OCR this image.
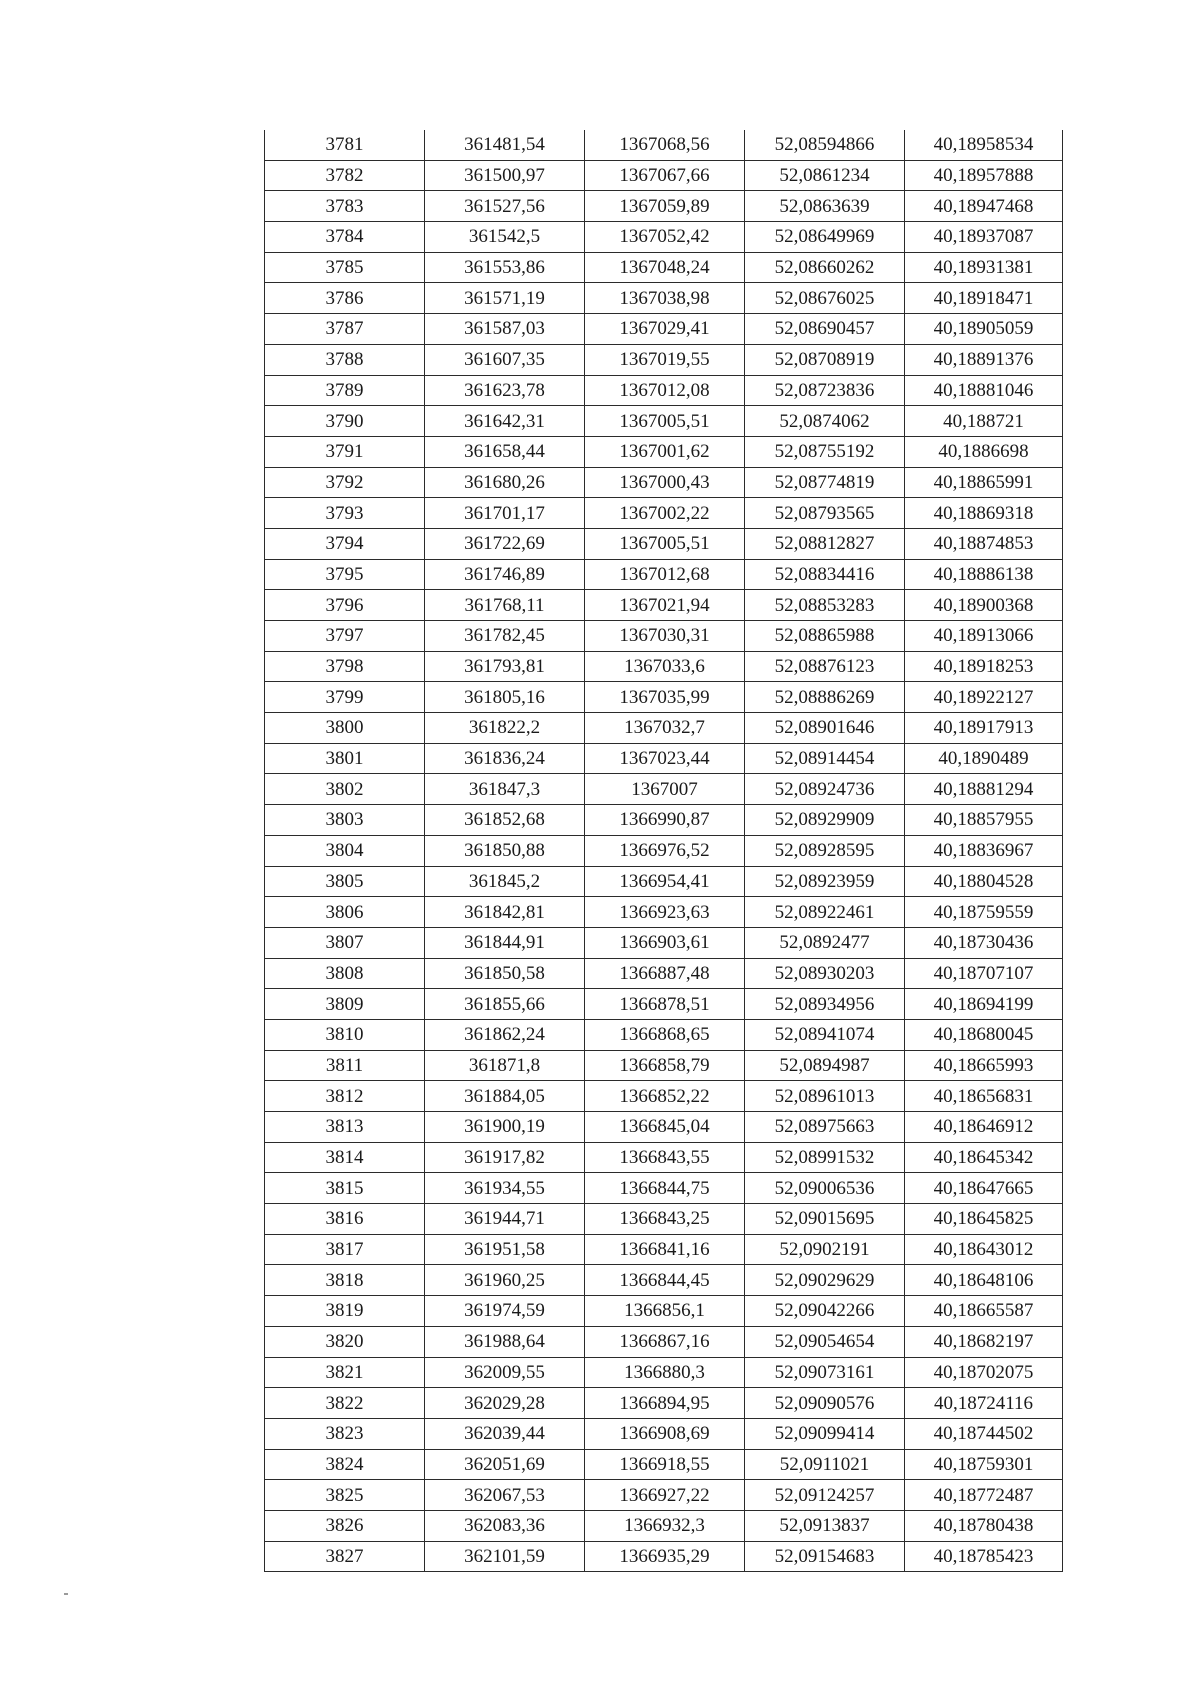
3781	361481,54	1367068,56	52,08594866	40,18958534
3782	361500,97	1367067,66	52,0861234	40,18957888
3783	361527,56	1367059,89	52,0863639	40,18947468
3784	361542,5	1367052,42	52,08649969	40,18937087
3785	361553,86	1367048,24	52,08660262	40,18931381
3786	361571,19	1367038,98	52,08676025	40,18918471
3787	361587,03	1367029,41	52,08690457	40,18905059
3788	361607,35	1367019,55	52,08708919	40,18891376
3789	361623,78	1367012,08	52,08723836	40,18881046
3790	361642,31	1367005,51	52,0874062	40,188721
3791	361658,44	1367001,62	52,08755192	40,1886698
3792	361680,26	1367000,43	52,08774819	40,18865991
3793	361701,17	1367002,22	52,08793565	40,18869318
3794	361722,69	1367005,51	52,08812827	40,18874853
3795	361746,89	1367012,68	52,08834416	40,18886138
3796	361768,11	1367021,94	52,08853283	40,18900368
3797	361782,45	1367030,31	52,08865988	40,18913066
3798	361793,81	1367033,6	52,08876123	40,18918253
3799	361805,16	1367035,99	52,08886269	40,18922127
3800	361822,2	1367032,7	52,08901646	40,18917913
3801	361836,24	1367023,44	52,08914454	40,1890489
3802	361847,3	1367007	52,08924736	40,18881294
3803	361852,68	1366990,87	52,08929909	40,18857955
3804	361850,88	1366976,52	52,08928595	40,18836967
3805	361845,2	1366954,41	52,08923959	40,18804528
3806	361842,81	1366923,63	52,08922461	40,18759559
3807	361844,91	1366903,61	52,0892477	40,18730436
3808	361850,58	1366887,48	52,08930203	40,18707107
3809	361855,66	1366878,51	52,08934956	40,18694199
3810	361862,24	1366868,65	52,08941074	40,18680045
3811	361871,8	1366858,79	52,0894987	40,18665993
3812	361884,05	1366852,22	52,08961013	40,18656831
3813	361900,19	1366845,04	52,08975663	40,18646912
3814	361917,82	1366843,55	52,08991532	40,18645342
3815	361934,55	1366844,75	52,09006536	40,18647665
3816	361944,71	1366843,25	52,09015695	40,18645825
3817	361951,58	1366841,16	52,0902191	40,18643012
3818	361960,25	1366844,45	52,09029629	40,18648106
3819	361974,59	1366856,1	52,09042266	40,18665587
3820	361988,64	1366867,16	52,09054654	40,18682197
3821	362009,55	1366880,3	52,09073161	40,18702075
3822	362029,28	1366894,95	52,09090576	40,18724116
3823	362039,44	1366908,69	52,09099414	40,18744502
3824	362051,69	1366918,55	52,0911021	40,18759301
3825	362067,53	1366927,22	52,09124257	40,18772487
3826	362083,36	1366932,3	52,0913837	40,18780438
3827	362101,59	1366935,29	52,09154683	40,18785423
